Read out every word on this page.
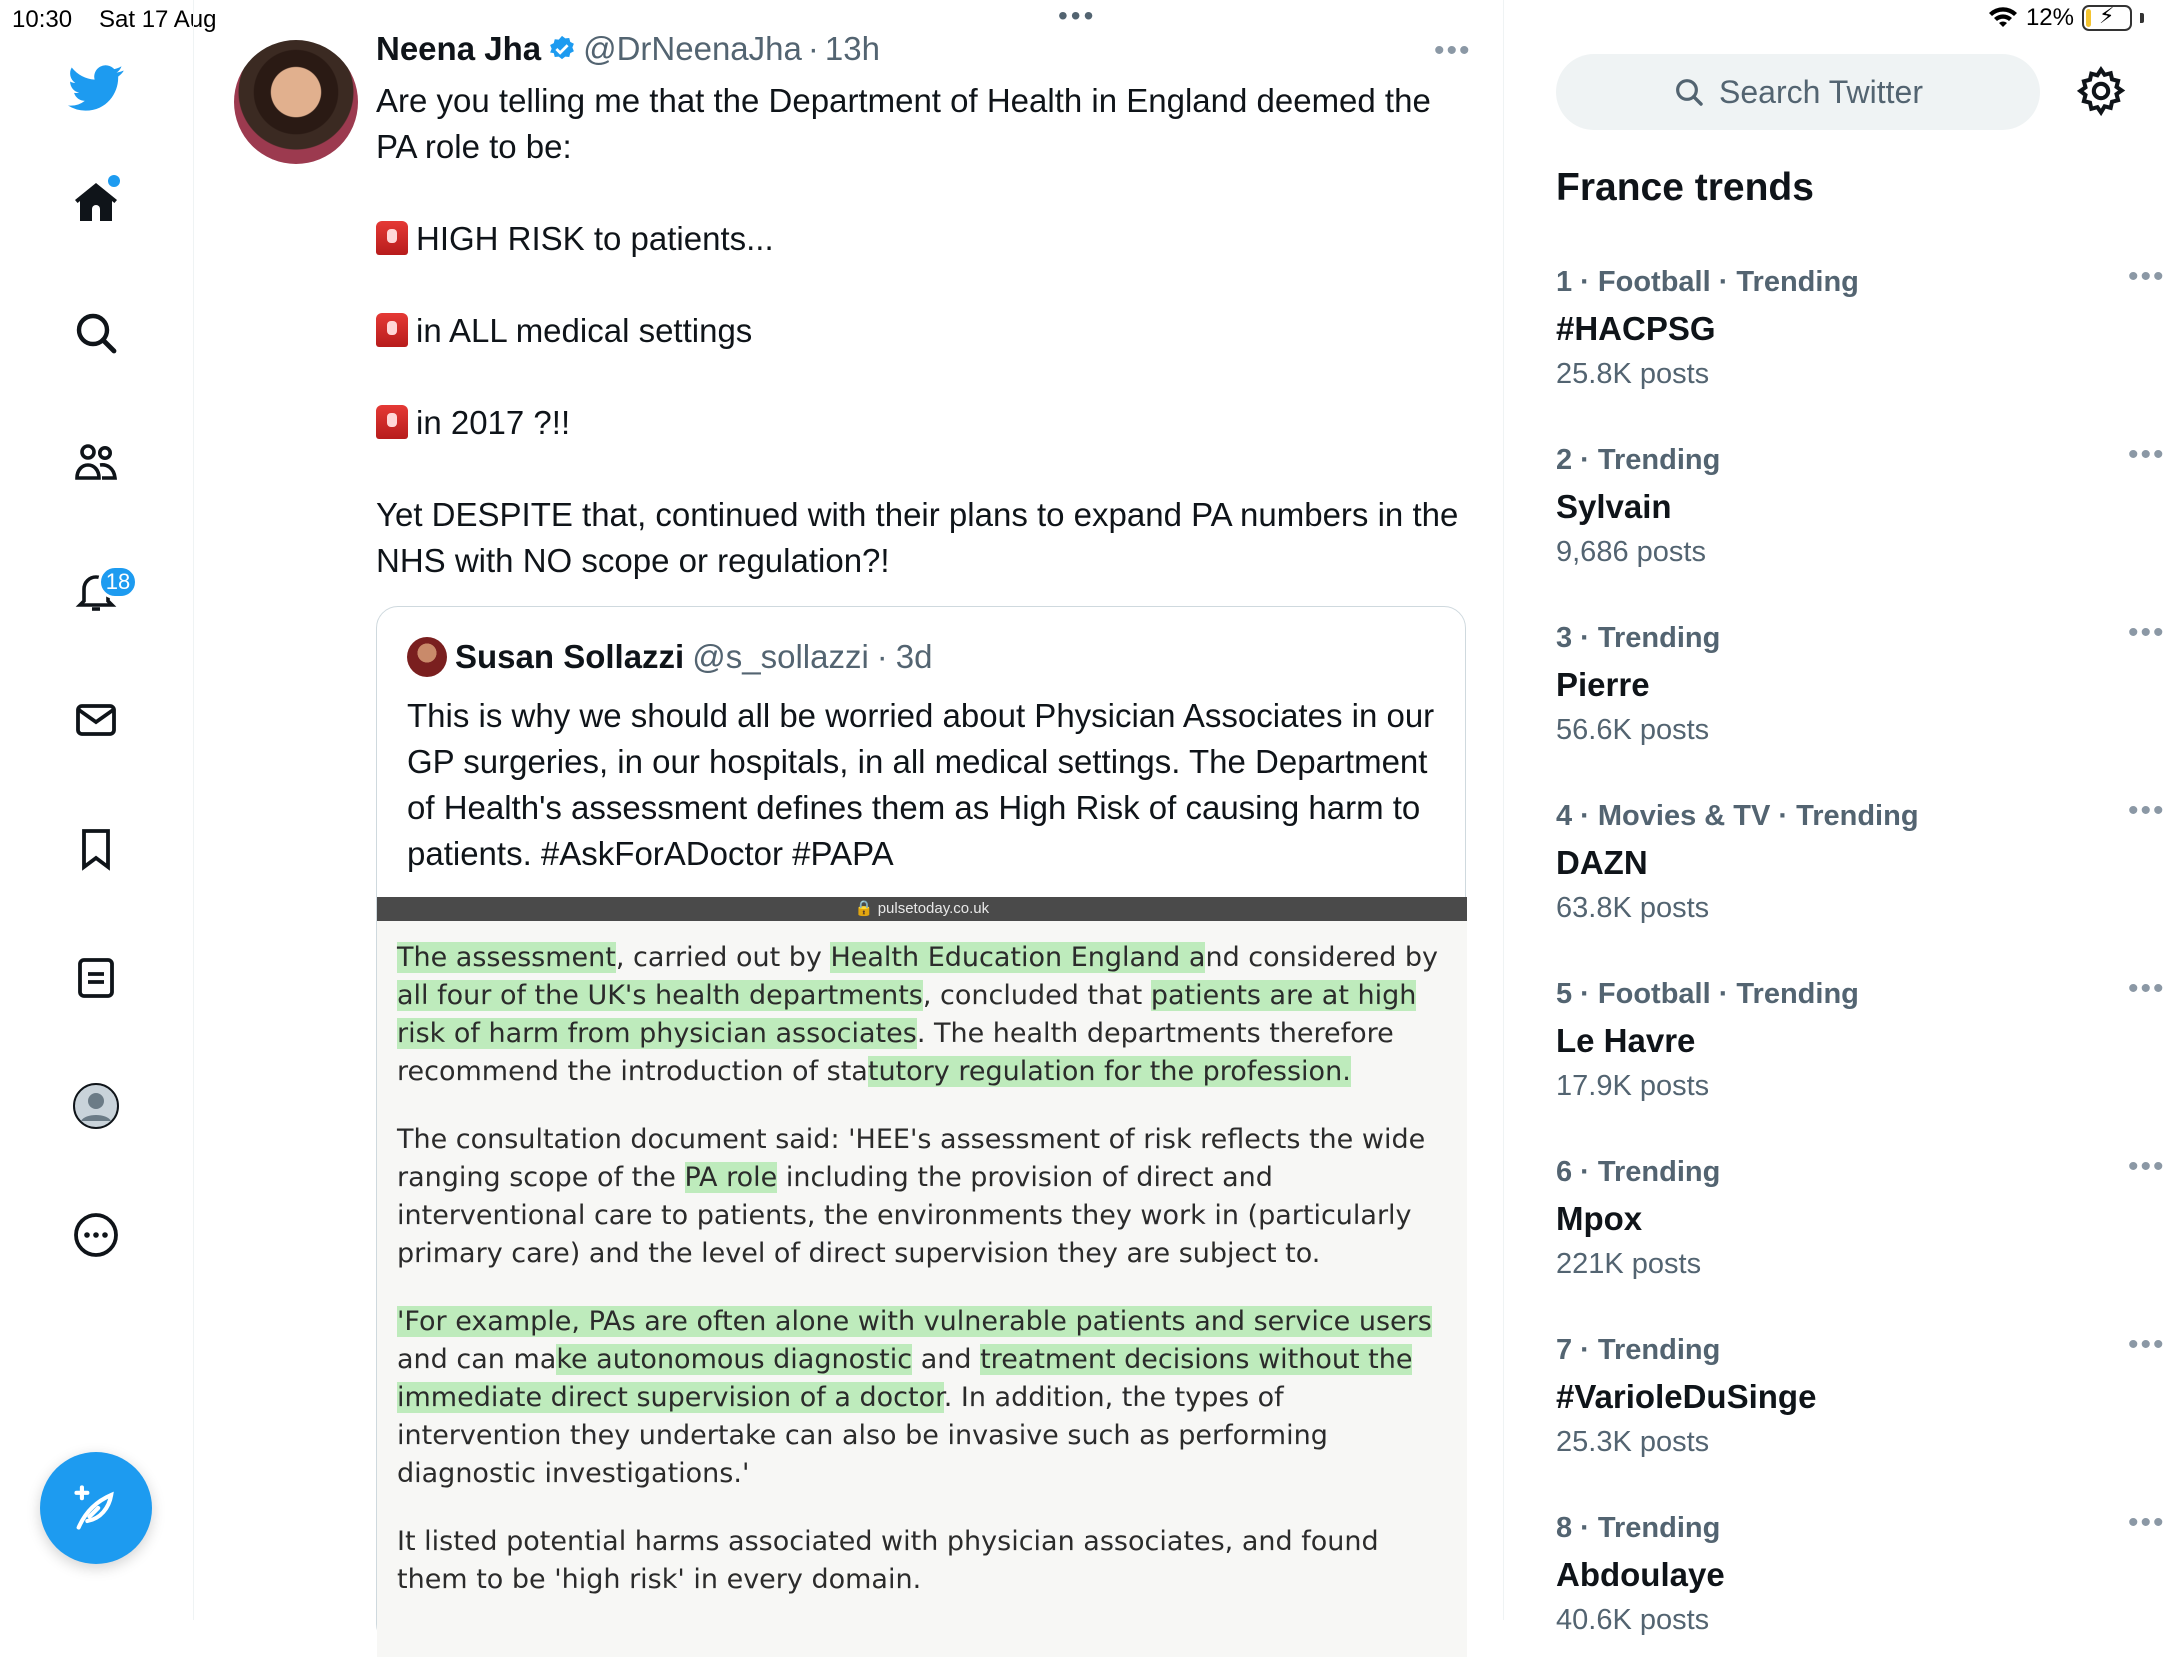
10:30 Sat 17 Aug	•••	12% ⚡
18
Neena Jha @DrNeenaJha · 13h	•••

Are you telling me that the Department of Health in England deemed the PA role to be:

HIGH RISK to patients...

in ALL medical settings

in 2017 ?!!

Yet DESPITE that, continued with their plans to expand PA numbers in the NHS with NO scope or regulation?!

Susan Sollazzi @s_sollazzi · 3d
This is why we should all be worried about Physician Associates in our GP surgeries, in our hospitals, in all medical settings. The Department of Health's assessment defines them as High Risk of causing harm to patients. #AskForADoctor #PAPA
🔒 pulsetoday.co.uk

The assessment, carried out by Health Education England and considered by all four of the UK's health departments, concluded that patients are at high risk of harm from physician associates. The health departments therefore recommend the introduction of statutory regulation for the profession.

The consultation document said: 'HEE's assessment of risk reflects the wide ranging scope of the PA role including the provision of direct and interventional care to patients, the environments they work in (particularly primary care) and the level of direct supervision they are subject to.

'For example, PAs are often alone with vulnerable patients and service users and can make autonomous diagnostic and treatment decisions without the immediate direct supervision of a doctor. In addition, the types of intervention they undertake can also be invasive such as performing diagnostic investigations.'

It listed potential harms associated with physician associates, and found them to be 'high risk' in every domain.

Search Twitter
France trends
1 · Football · Trending
#HACPSG
25.8K posts
•••
2 · Trending
Sylvain
9,686 posts
•••
3 · Trending
Pierre
56.6K posts
•••
4 · Movies & TV · Trending
DAZN
63.8K posts
•••
5 · Football · Trending
Le Havre
17.9K posts
•••
6 · Trending
Mpox
221K posts
•••
7 · Trending
#VarioleDuSinge
25.3K posts
•••
8 · Trending
Abdoulaye
40.6K posts
•••
